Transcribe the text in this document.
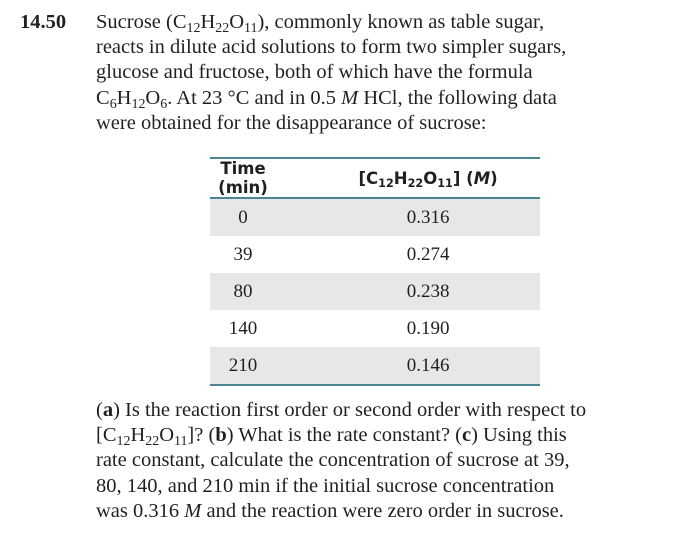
14.50 Sucrose $(C_{12}H_{22}O_{11})$, commonly known as table sugar,
reacts in dilute acid solutions to form two simpler sugars,
glucose and fructose, both of which have the formula
$C_6H_{12}O_6$. At 23 °C and in 0.5 M HCl, the following data
were obtained for the disappearance of sucrose:
Time (min)	$[C_{12}H_{22}O_{11}]$ (M)
0	0.316
39	0.274
80	0.238
140	0.190
210	0.146
(a) Is the reaction first order or second order with respect to
$[C_{12}H_{22}O_{11}]$? (b) What is the rate constant? (c) Using this
rate constant, calculate the concentration of sucrose at 39,
80, 140, and 210 min if the initial sucrose concentration
was 0.316 M and the reaction were zero order in sucrose.
